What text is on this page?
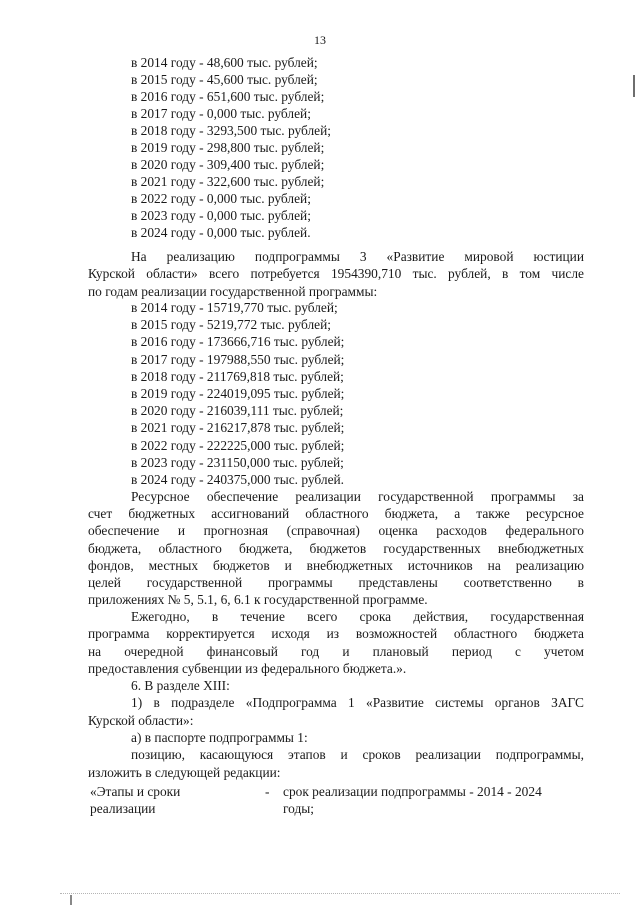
13
в 2014 году - 48,600 тыс. рублей;
в 2015 году - 45,600 тыс. рублей;
в 2016 году - 651,600 тыс. рублей;
в 2017 году - 0,000 тыс. рублей;
в 2018 году - 3293,500 тыс. рублей;
в 2019 году - 298,800 тыс. рублей;
в 2020 году - 309,400 тыс. рублей;
в 2021 году - 322,600 тыс. рублей;
в 2022 году - 0,000 тыс. рублей;
в 2023 году - 0,000 тыс. рублей;
в 2024 году - 0,000 тыс. рублей.
На реализацию подпрограммы 3 «Развитие мировой юстиции
Курской области» всего потребуется 1954390,710 тыс. рублей, в том числе
по годам реализации государственной программы:
в 2014 году - 15719,770 тыс. рублей;
в 2015 году - 5219,772 тыс. рублей;
в 2016 году - 173666,716 тыс. рублей;
в 2017 году - 197988,550 тыс. рублей;
в 2018 году - 211769,818 тыс. рублей;
в 2019 году - 224019,095 тыс. рублей;
в 2020 году - 216039,111 тыс. рублей;
в 2021 году - 216217,878 тыс. рублей;
в 2022 году - 222225,000 тыс. рублей;
в 2023 году - 231150,000 тыс. рублей;
в 2024 году - 240375,000 тыс. рублей.
Ресурсное обеспечение реализации государственной программы за
счет бюджетных ассигнований областного бюджета, а также ресурсное
обеспечение и прогнозная (справочная) оценка расходов федерального
бюджета, областного бюджета, бюджетов государственных внебюджетных
фондов, местных бюджетов и внебюджетных источников на реализацию
целей государственной программы представлены соответственно в
приложениях № 5, 5.1, 6, 6.1 к государственной программе.
Ежегодно, в течение всего срока действия, государственная
программа корректируется исходя из возможностей областного бюджета
на очередной финансовый год и плановый период с учетом
предоставления субвенции из федерального бюджета.».
6. В разделе XIII:
1) в подразделе «Подпрограмма 1 «Развитие системы органов ЗАГС
Курской области»:
а) в паспорте подпрограммы 1:
позицию, касающуюся этапов и сроков реализации подпрограммы,
изложить в следующей редакции:
«Этапы и сроки
реализации
- срок реализации подпрограммы - 2014 - 2024
годы;
